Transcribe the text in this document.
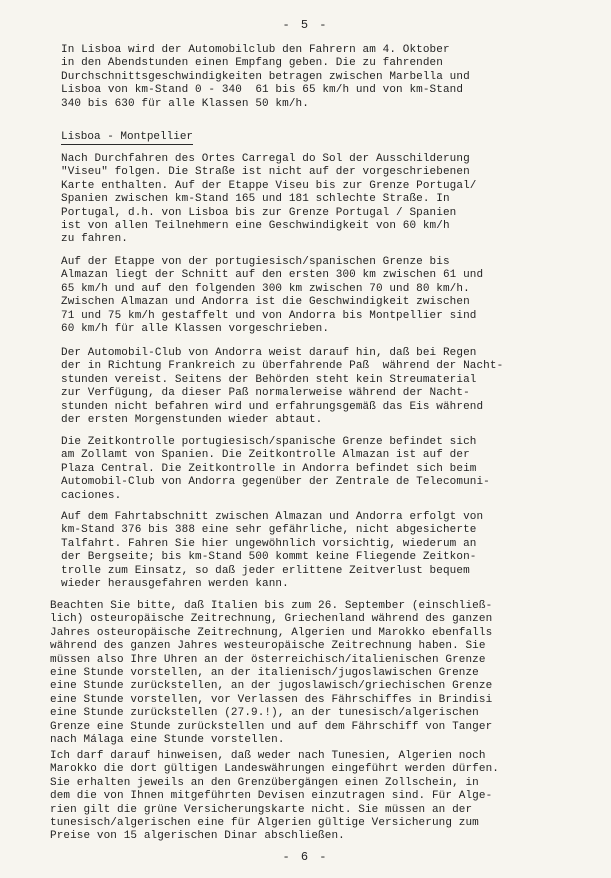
- 5 -
In Lisboa wird der Automobilclub den Fahrern am 4. Oktober
in den Abendstunden einen Empfang geben. Die zu fahrenden
Durchschnittsgeschwindigkeiten betragen zwischen Marbella und
Lisboa von km-Stand 0 - 340  61 bis 65 km/h und von km-Stand
340 bis 630 für alle Klassen 50 km/h.
Lisboa - Montpellier
Nach Durchfahren des Ortes Carregal do Sol der Ausschilderung
"Viseu" folgen. Die Straße ist nicht auf der vorgeschriebenen
Karte enthalten. Auf der Etappe Viseu bis zur Grenze Portugal/
Spanien zwischen km-Stand 165 und 181 schlechte Straße. In
Portugal, d.h. von Lisboa bis zur Grenze Portugal / Spanien
ist von allen Teilnehmern eine Geschwindigkeit von 60 km/h
zu fahren.
Auf der Etappe von der portugiesisch/spanischen Grenze bis
Almazan liegt der Schnitt auf den ersten 300 km zwischen 61 und
65 km/h und auf den folgenden 300 km zwischen 70 und 80 km/h.
Zwischen Almazan und Andorra ist die Geschwindigkeit zwischen
71 und 75 km/h gestaffelt und von Andorra bis Montpellier sind
60 km/h für alle Klassen vorgeschrieben.
Der Automobil-Club von Andorra weist darauf hin, daß bei Regen
der in Richtung Frankreich zu überfahrende Paß  während der Nacht-
stunden vereist. Seitens der Behörden steht kein Streumaterial
zur Verfügung, da dieser Paß normalerweise während der Nacht-
stunden nicht befahren wird und erfahrungsgemäß das Eis während
der ersten Morgenstunden wieder abtaut.
Die Zeitkontrolle portugiesisch/spanische Grenze befindet sich
am Zollamt von Spanien. Die Zeitkontrolle Almazan ist auf der
Plaza Central. Die Zeitkontrolle in Andorra befindet sich beim
Automobil-Club von Andorra gegenüber der Zentrale de Telecomuni-
caciones.
Auf dem Fahrtabschnitt zwischen Almazan und Andorra erfolgt von
km-Stand 376 bis 388 eine sehr gefährliche, nicht abgesicherte
Talfahrt. Fahren Sie hier ungewöhnlich vorsichtig, wiederum an
der Bergseite; bis km-Stand 500 kommt keine Fliegende Zeitkon-
trolle zum Einsatz, so daß jeder erlittene Zeitverlust bequem
wieder herausgefahren werden kann.
Beachten Sie bitte, daß Italien bis zum 26. September (einschließ-
lich) osteuropäische Zeitrechnung, Griechenland während des ganzen
Jahres osteuropäische Zeitrechnung, Algerien und Marokko ebenfalls
während des ganzen Jahres westeuropäische Zeitrechnung haben. Sie
müssen also Ihre Uhren an der österreichisch/italienischen Grenze
eine Stunde vorstellen, an der italienisch/jugoslawischen Grenze
eine Stunde zurückstellen, an der jugoslawisch/griechischen Grenze
eine Stunde vorstellen, vor Verlassen des Fährschiffes in Brindisi
eine Stunde zurückstellen (27.9.!), an der tunesisch/algerischen
Grenze eine Stunde zurückstellen und auf dem Fährschiff von Tanger
nach Málaga eine Stunde vorstellen.
Ich darf darauf hinweisen, daß weder nach Tunesien, Algerien noch
Marokko die dort gültigen Landeswährungen eingeführt werden dürfen.
Sie erhalten jeweils an den Grenzübergängen einen Zollschein, in
dem die von Ihnen mitgeführten Devisen einzutragen sind. Für Alge-
rien gilt die grüne Versicherungskarte nicht. Sie müssen an der
tunesisch/algerischen eine für Algerien gültige Versicherung zum
Preise von 15 algerischen Dinar abschließen.
- 6 -
